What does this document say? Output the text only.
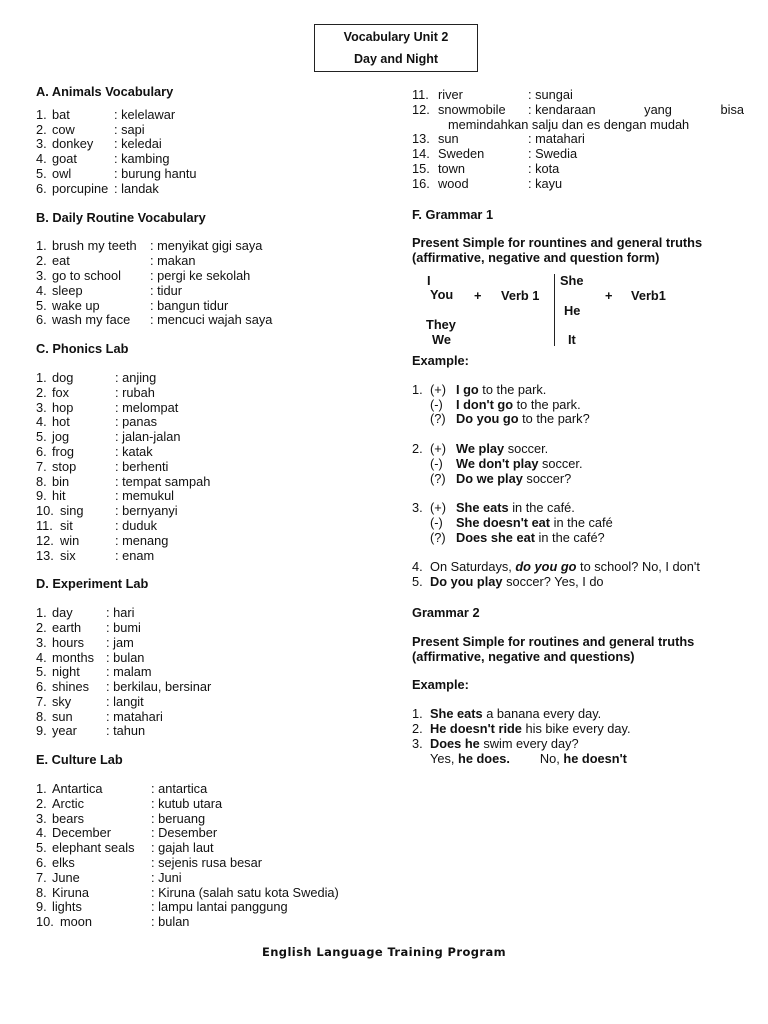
Vocabulary Unit 2
Day and Night
A. Animals Vocabulary
1. bat	: kelelawar
2. cow	: sapi
3. donkey : keledai
4. goat	: kambing
5. owl	: burung hantu
6. porcupine : landak
B. Daily Routine Vocabulary
1. brush my teeth : menyikat gigi saya
2. eat	: makan
3. go to school : pergi ke sekolah
4. sleep	: tidur
5. wake up	: bangun tidur
6. wash my face : mencuci wajah saya
C. Phonics Lab
1. dog	: anjing
2. fox	: rubah
3. hop	: melompat
4. hot	: panas
5. jog	: jalan-jalan
6. frog	: katak
7. stop	: berhenti
8. bin	: tempat sampah
9. hit	: memukul
10. sing : bernyanyi
11. sit	: duduk
12. win	: menang
13. six	: enam
D. Experiment Lab
1. day	: hari
2. earth : bumi
3. hours : jam
4. months : bulan
5. night : malam
6. shines : berkilau, bersinar
7. sky	: langit
8. sun	: matahari
9. year : tahun
E. Culture Lab
1. Antartica	: antartica
2. Arctic	: kutub utara
3. bears	: beruang
4. December	: Desember
5. elephant seals : gajah laut
6. elks	: sejenis rusa besar
7. June	: Juni
8. Kiruna	: Kiruna (salah satu kota Swedia)
9. lights	: lampu lantai panggung
10. moon	: bulan
11. river	: sungai
12. snowmobile	: kendaraan	yang	bisa
memindahkan salju dan es dengan mudah
13. sun	: matahari
14. Sweden	: Swedia
15. town	: kota
16. wood	: kayu
F. Grammar 1
Present Simple for rountines and general truths
(affirmative, negative and question form)
I
You + Verb 1
They
We
She
+ Verb1
He
It
Example:
1. (+) I go to the park.
(-) I don't go to the park.
(?) Do you go to the park?
2. (+) We play soccer.
(-) We don't play soccer.
(?) Do we play soccer?
3. (+) She eats in the café.
(-) She doesn't eat in the café
(?) Does she eat in the café?
4. On Saturdays, do you go to school? No, I don't
5. Do you play soccer? Yes, I do
Grammar 2
Present Simple for routines and general truths
(affirmative, negative and questions)
Example:
1. She eats a banana every day.
2. He doesn't ride his bike every day.
3. Does he swim every day?
Yes, he does. No, he doesn't
English Language Training Program
